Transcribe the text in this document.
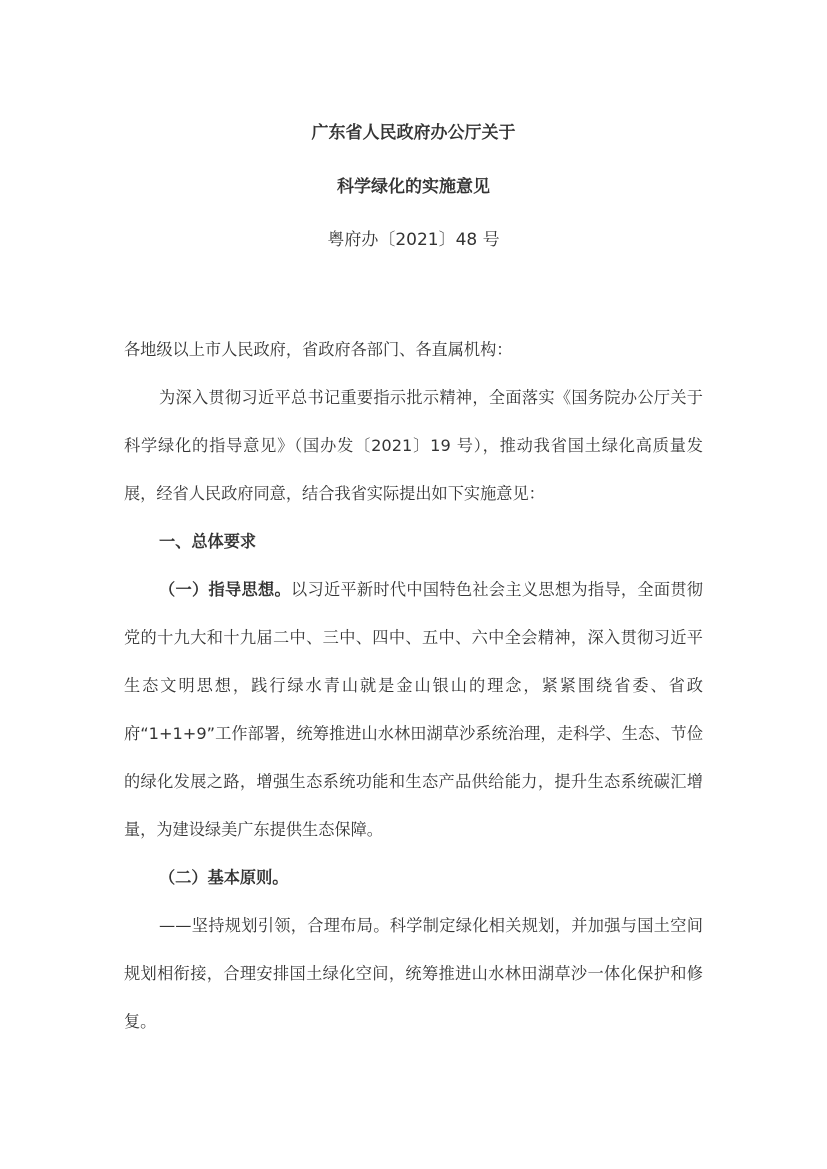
广东省人民政府办公厅关于
科学绿化的实施意见
粤府办〔2021〕48 号

各地级以上市人民政府，省政府各部门、各直属机构：

为深入贯彻习近平总书记重要指示批示精神，全面落实《国务院办公厅关于科学绿化的指导意见》（国办发〔2021〕19 号），推动我省国土绿化高质量发展，经省人民政府同意，结合我省实际提出如下实施意见：

一、总体要求

（一）指导思想。以习近平新时代中国特色社会主义思想为指导，全面贯彻党的十九大和十九届二中、三中、四中、五中、六中全会精神，深入贯彻习近平生态文明思想，践行绿水青山就是金山银山的理念，紧紧围绕省委、省政府“1+1+9”工作部署，统筹推进山水林田湖草沙系统治理，走科学、生态、节俭的绿化发展之路，增强生态系统功能和生态产品供给能力，提升生态系统碳汇增量，为建设绿美广东提供生态保障。

（二）基本原则。

——坚持规划引领，合理布局。科学制定绿化相关规划，并加强与国土空间规划相衔接，合理安排国土绿化空间，统筹推进山水林田湖草沙一体化保护和修复。
